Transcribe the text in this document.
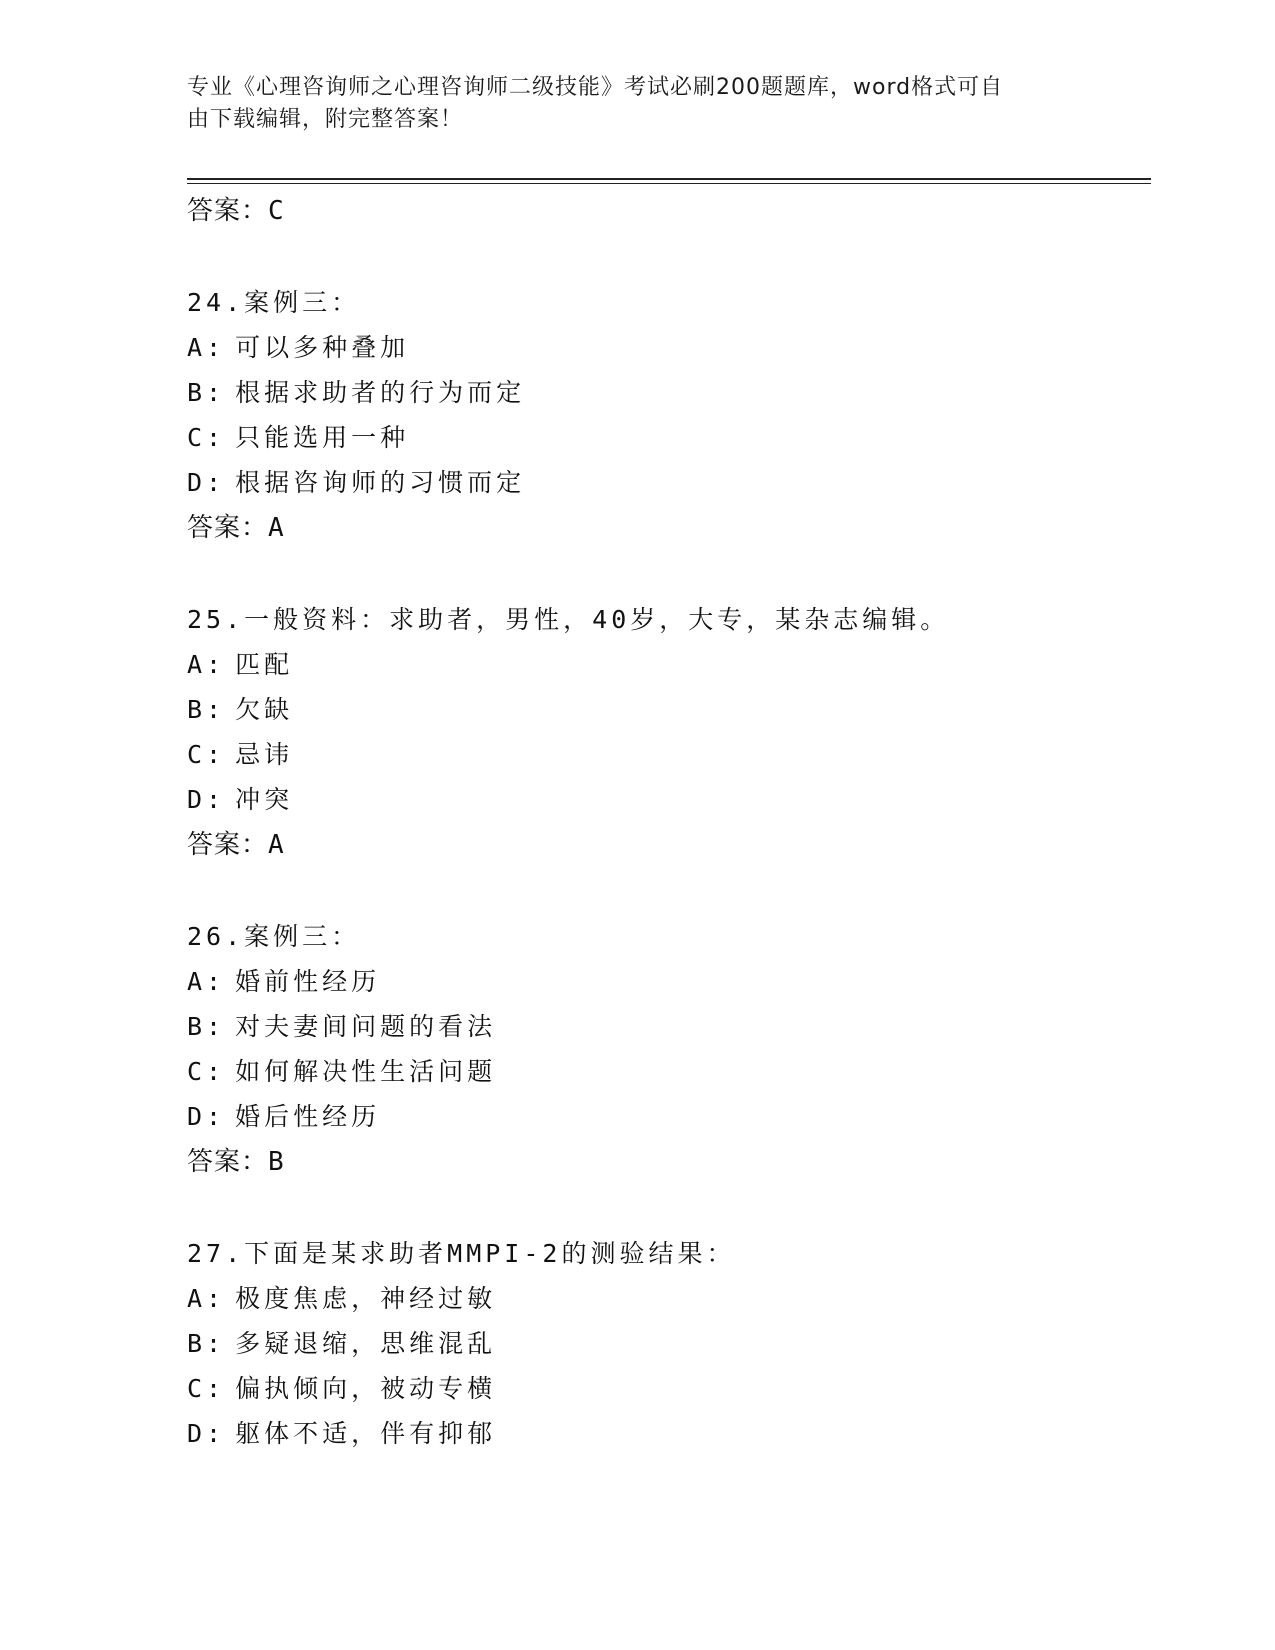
专业《心理咨询师之心理咨询师二级技能》考试必刷200题题库，word格式可自
由下载编辑，附完整答案！
答案：C
24.案例三：
A: 可以多种叠加
B: 根据求助者的行为而定
C: 只能选用一种
D: 根据咨询师的习惯而定
答案：A
25.一般资料：求助者，男性，40岁，大专，某杂志编辑。
A: 匹配
B: 欠缺
C: 忌讳
D: 冲突
答案：A
26.案例三：
A: 婚前性经历
B: 对夫妻间问题的看法
C: 如何解决性生活问题
D: 婚后性经历
答案：B
27.下面是某求助者MMPI-2的测验结果：
A: 极度焦虑，神经过敏
B: 多疑退缩，思维混乱
C: 偏执倾向，被动专横
D: 躯体不适，伴有抑郁
